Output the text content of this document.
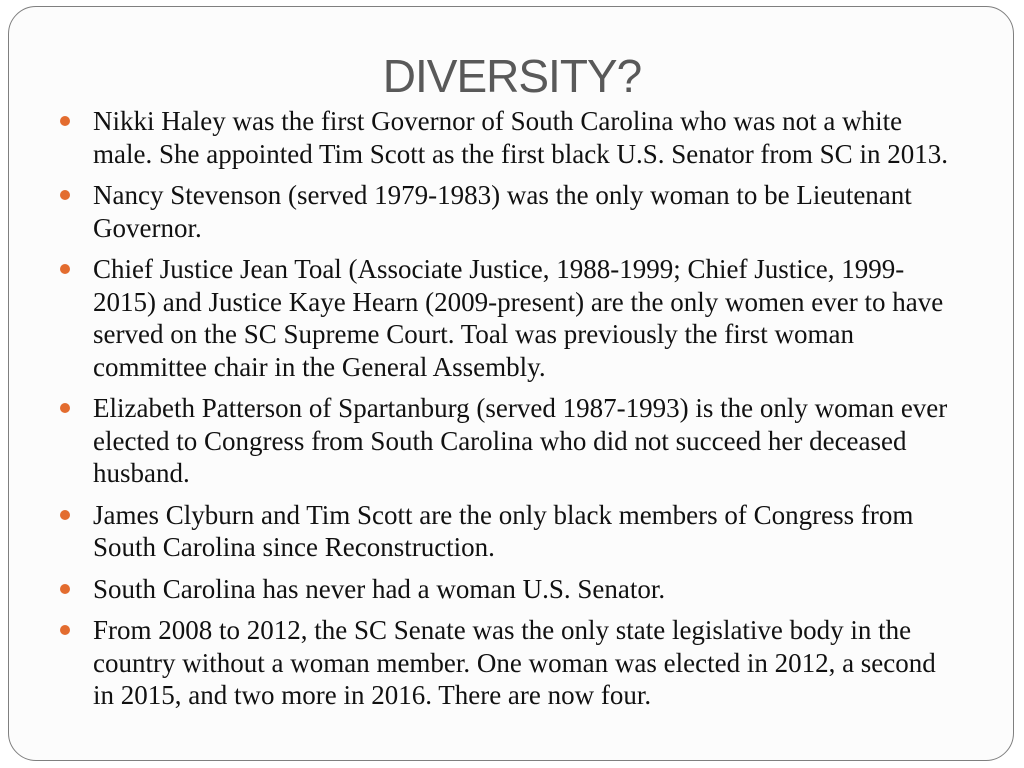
DIVERSITY?
Nikki Haley was the first Governor of South Carolina who was not a white male. She appointed Tim Scott as the first black U.S. Senator from SC in 2013.
Nancy Stevenson (served 1979-1983) was the only woman to be Lieutenant Governor.
Chief Justice Jean Toal (Associate Justice, 1988-1999; Chief Justice, 1999-2015) and Justice Kaye Hearn (2009-present) are the only women ever to have served on the SC Supreme Court. Toal was previously the first woman committee chair in the General Assembly.
Elizabeth Patterson of Spartanburg (served 1987-1993) is the only woman ever elected to Congress from South Carolina who did not succeed her deceased husband.
James Clyburn and Tim Scott are the only black members of Congress from South Carolina since Reconstruction.
South Carolina has never had a woman U.S. Senator.
From 2008 to 2012, the SC Senate was the only state legislative body in the country without a woman member. One woman was elected in 2012, a second in 2015, and two more in 2016. There are now four.
